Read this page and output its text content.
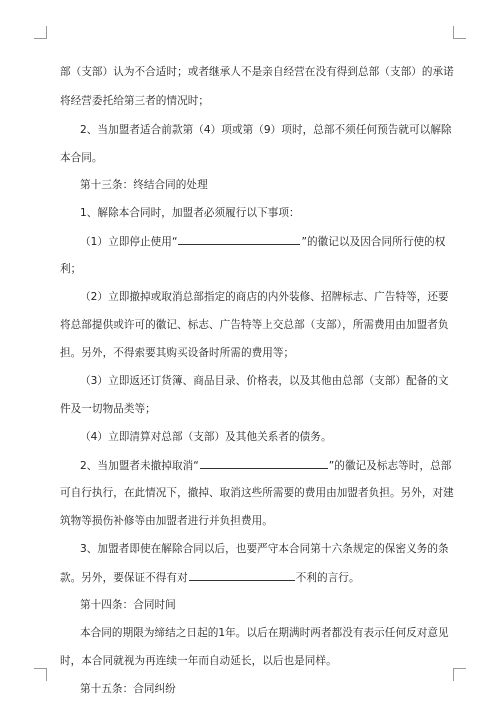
部（支部）认为不合适时；或者继承人不是亲自经营在没有得到总部（支部）的承诺
将经营委托给第三者的情况时；
2、当加盟者适合前款第（4）项或第（9）项时，总部不须任何预告就可以解除
本合同。
第十三条：终结合同的处理
1、解除本合同时，加盟者必须履行以下事项：
（1）立即停止使用“	”的徽记以及因合同所行使的权
利；
（2）立即撤掉或取消总部指定的商店的内外装修、招牌标志、广告特等，还要
将总部提供或许可的徽记、标志、广告特等上交总部（支部），所需费用由加盟者负
担。另外，不得索要其购买设备时所需的费用等；
（3）立即返还订货簿、商品目录、价格表，以及其他由总部（支部）配备的文
件及一切物品类等；
（4）立即清算对总部（支部）及其他关系者的债务。
2、当加盟者未撤掉取消“	”的徽记及标志等时，总部
可自行执行，在此情况下，撤掉、取消这些所需要的费用由加盟者负担。另外，对建
筑物等损伤补修等由加盟者进行并负担费用。
3、加盟者即使在解除合同以后，也要严守本合同第十六条规定的保密义务的条
款。另外，要保证不得有对	不利的言行。
第十四条：合同时间
本合同的期限为缔结之日起的1年。以后在期满时两者都没有表示任何反对意见
时，本合同就视为再连续一年而自动延长，以后也是同样。
第十五条：合同纠纷
